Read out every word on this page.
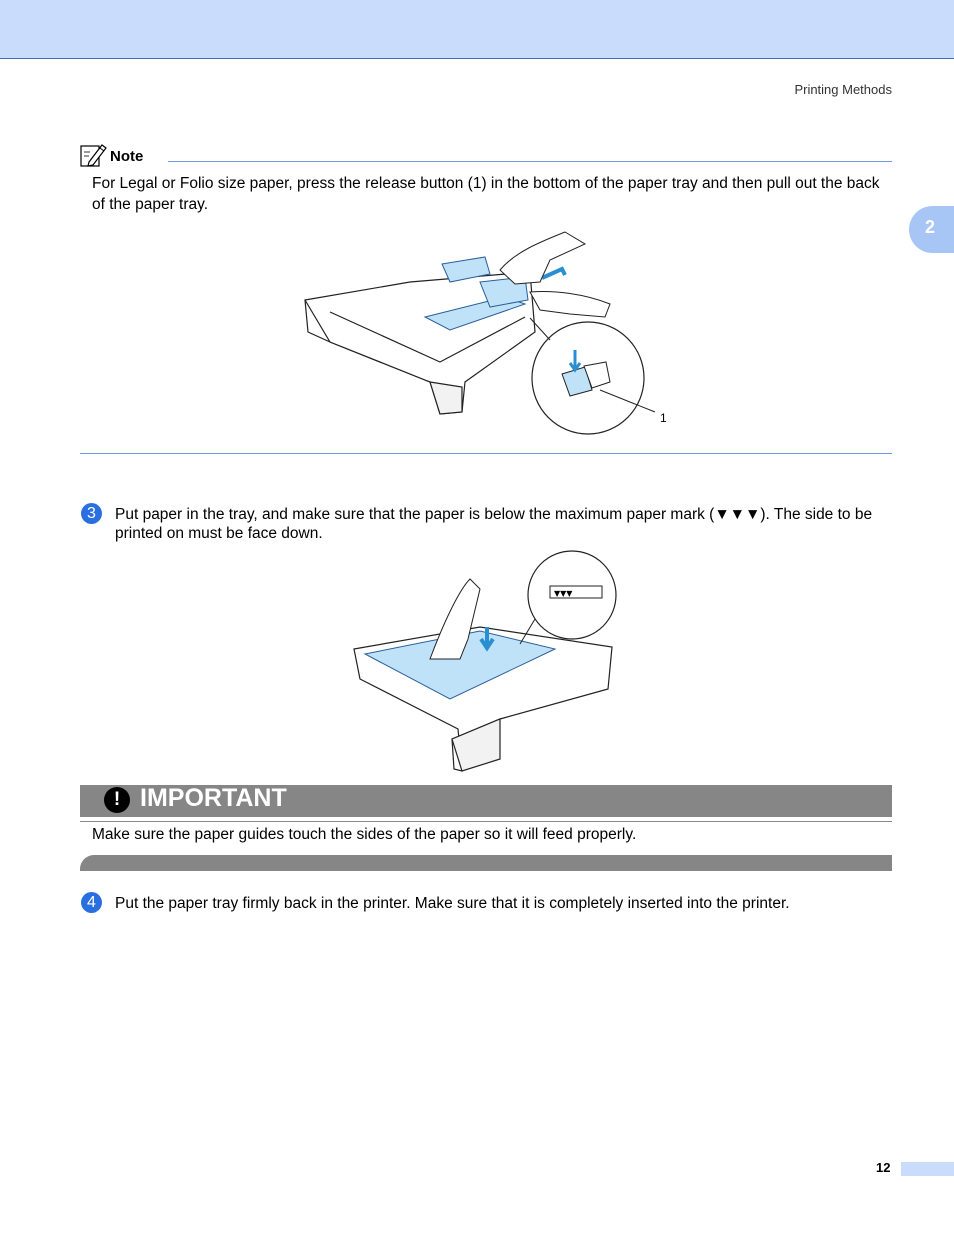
Printing Methods
2
Note
For Legal or Folio size paper, press the release button (1) in the bottom of the paper tray and then pull out the back of the paper tray.
1
3	Put paper in the tray, and make sure that the paper is below the maximum paper mark (▼▼▼). The side to be printed on must be face down.
▼▼▼
! IMPORTANT
Make sure the paper guides touch the sides of the paper so it will feed properly.
4	Put the paper tray firmly back in the printer. Make sure that it is completely inserted into the printer.
12
